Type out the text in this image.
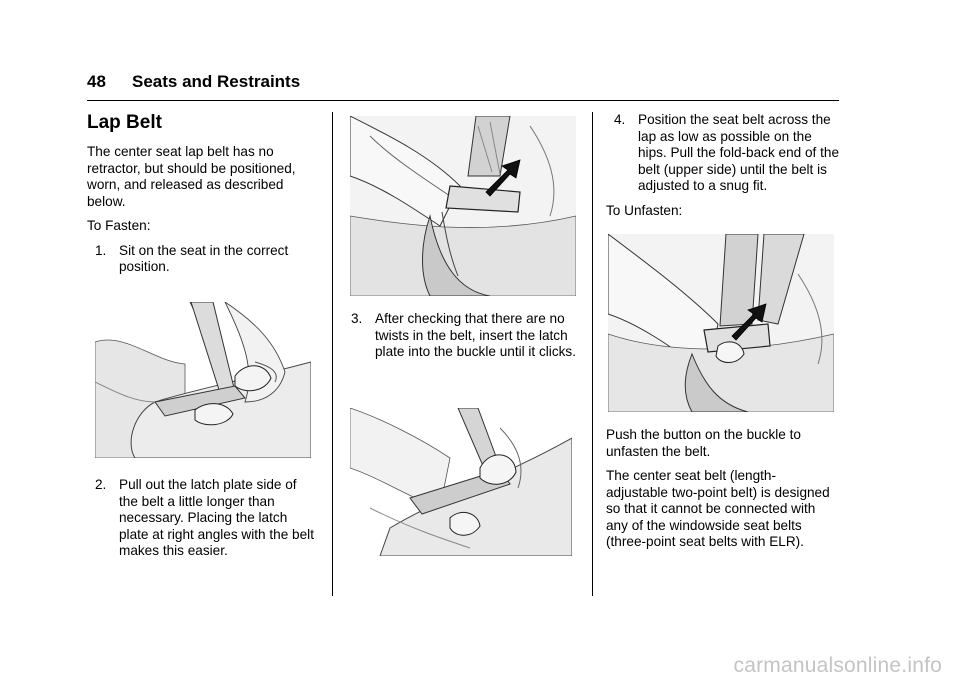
48 Seats and Restraints
Lap Belt

The center seat lap belt has no retractor, but should be positioned, worn, and released as described below.

To Fasten:

1. Sit on the seat in the correct position.
2. Pull out the latch plate side of the belt a little longer than necessary. Placing the latch plate at right angles with the belt makes this easier.
3. After checking that there are no twists in the belt, insert the latch plate into the buckle until it clicks.
4. Position the seat belt across the lap as low as possible on the hips. Pull the fold-back end of the belt (upper side) until the belt is adjusted to a snug fit.

To Unfasten:

Push the button on the buckle to unfasten the belt.

The center seat belt (length-adjustable two-point belt) is designed so that it cannot be connected with any of the windowside seat belts (three-point seat belts with ELR).

carmanualsonline.info
